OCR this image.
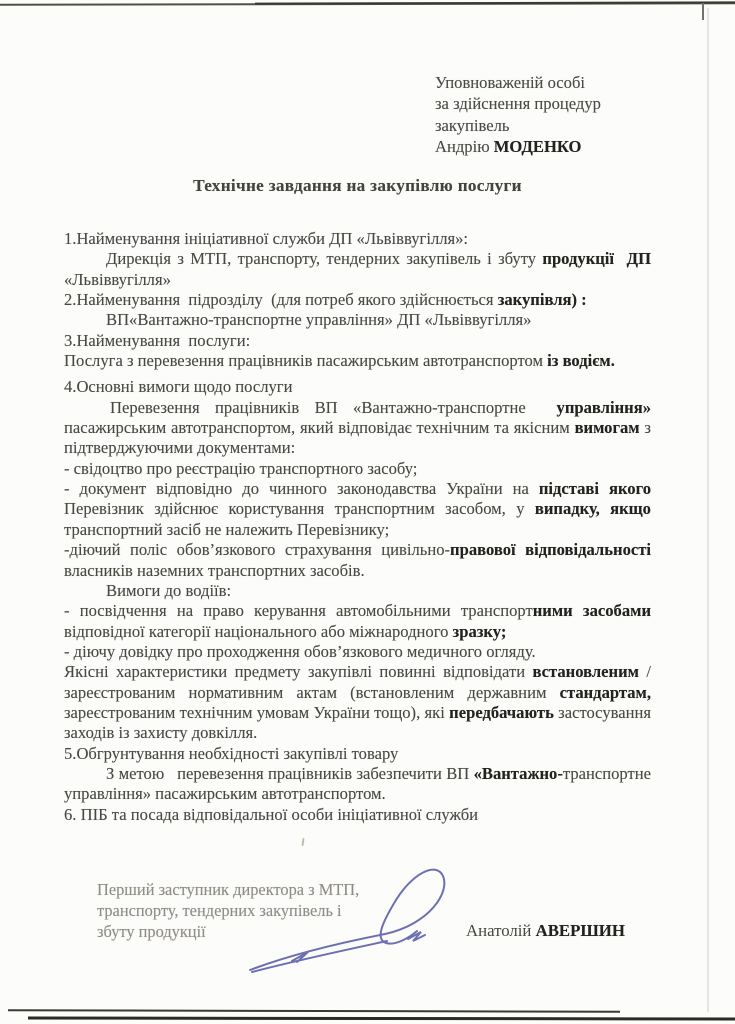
Уповноваженій особі
за здійснення процедур
закупівель
Андрію МОДЕНКО
Технічне завдання на закупівлю послуги
1.Найменування ініціативної служби ДП «Львіввугілля»:
Дирекція з МТП, транспорту, тендерних закупівель і збуту продукції  ДП «Львіввугілля»
2.Найменування  підрозділу  (для потреб якого здійснюється закупівля) :
ВП«Вантажно-транспортне управління» ДП «Львіввугілля»
3.Найменування  послуги:
Послуга з перевезення працівників пасажирським автотранспортом із водієм.
4.Основні вимоги щодо послуги
Перевезення працівників ВП «Вантажно-транспортне  управління» пасажирським автотранспортом, який відповідає технічним та якісним вимогам з підтверджуючими документами:
- свідоцтво про реєстрацію транспортного засобу;
- документ відповідно до чинного законодавства України на підставі якого Перевізник здійснює користування транспортним засобом, у випадку, якщо транспортний засіб не належить Перевізнику;
-діючий поліс обов’язкового страхування цивільно-правової відповідальності власників наземних транспортних засобів.
Вимоги до водіїв:
- посвідчення на право керування автомобільними транспортними засобами відповідної категорії національного або міжнародного зразку;
- діючу довідку про проходження обов’язкового медичного огляду.
Якісні характеристики предмету закупівлі повинні відповідати встановленим /зареєстрованим нормативним актам (встановленим державним стандартам, зареєстрованим технічним умовам України тощо), які передбачають застосування заходів із захисту довкілля.
5.Обгрунтування необхідності закупівлі товару
З метою   перевезення працівників забезпечити ВП «Вантажно-транспортне управління» пасажирським автотранспортом.
6. ПІБ та посада відповідальної особи ініціативної служби
Перший заступник директора з МТП,
транспорту, тендерних закупівель і
збуту продукції	Анатолій АВЕРШИН
